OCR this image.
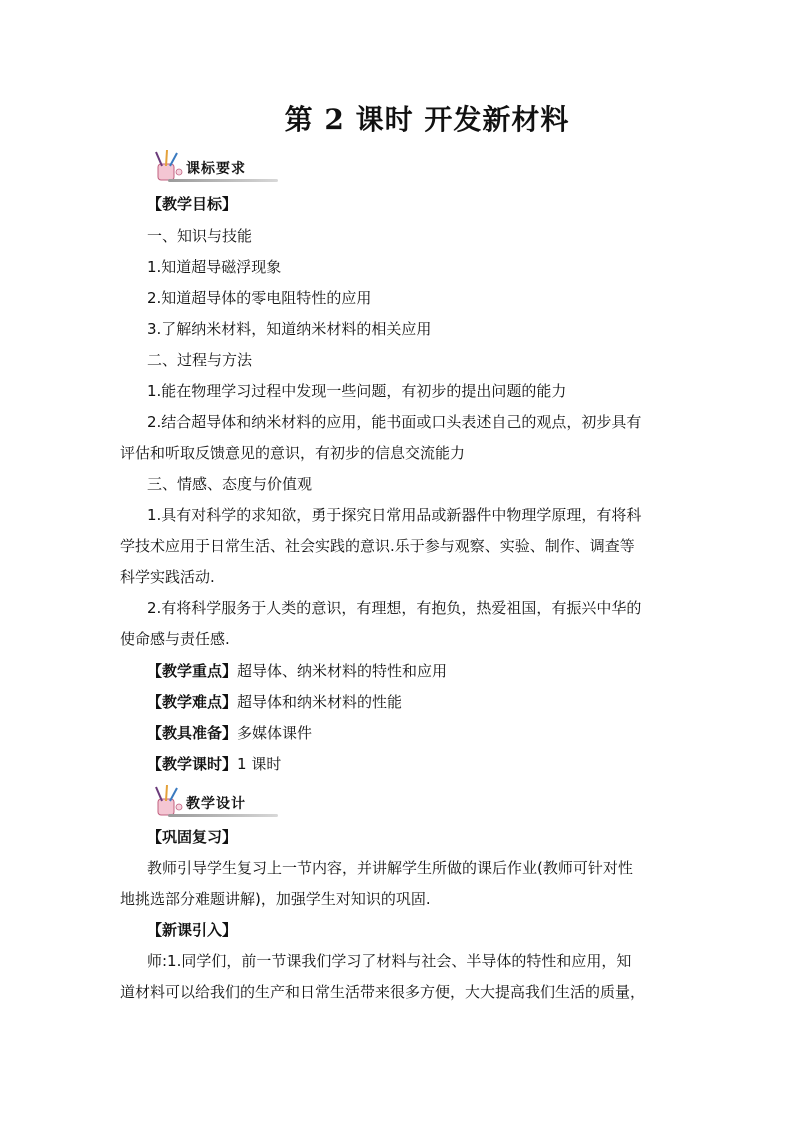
第 2 课时 开发新材料
课标要求
【教学目标】
一、知识与技能
1.知道超导磁浮现象
2.知道超导体的零电阻特性的应用
3.了解纳米材料，知道纳米材料的相关应用
二、过程与方法
1.能在物理学习过程中发现一些问题，有初步的提出问题的能力
2.结合超导体和纳米材料的应用，能书面或口头表述自己的观点，初步具有
评估和听取反馈意见的意识，有初步的信息交流能力
三、情感、态度与价值观
1.具有对科学的求知欲，勇于探究日常用品或新器件中物理学原理，有将科
学技术应用于日常生活、社会实践的意识.乐于参与观察、实验、制作、调查等
科学实践活动.
2.有将科学服务于人类的意识，有理想，有抱负，热爱祖国，有振兴中华的
使命感与责任感.
【教学重点】超导体、纳米材料的特性和应用
【教学难点】超导体和纳米材料的性能
【教具准备】多媒体课件
【教学课时】1 课时
教学设计
【巩固复习】
教师引导学生复习上一节内容，并讲解学生所做的课后作业(教师可针对性
地挑选部分难题讲解)，加强学生对知识的巩固.
【新课引入】
师:1.同学们，前一节课我们学习了材料与社会、半导体的特性和应用，知
道材料可以给我们的生产和日常生活带来很多方便，大大提高我们生活的质量，
